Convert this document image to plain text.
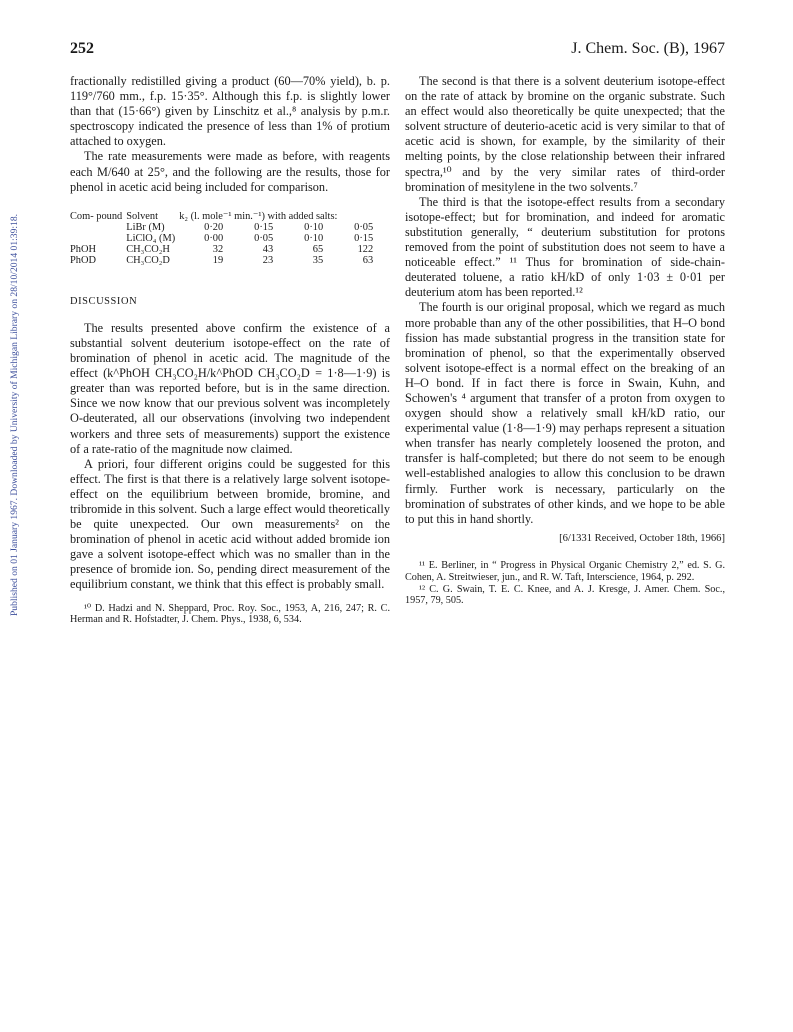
Published on 01 January 1967. Downloaded by University of Michigan Library on 28/10/2014 01:39:18.
252	J. Chem. Soc. (B), 1967

fractionally redistilled giving a product (60—70% yield), b. p. 119°/760 mm., f.p. 15·35°. Although this f.p. is slightly lower than that (15·66°) given by Linschitz et al.,⁸ analysis by p.m.r. spectroscopy indicated the presence of less than 1% of protium attached to oxygen.

The rate measurements were made as before, with reagents each M/640 at 25°, and the following are the results, those for phenol in acetic acid being included for comparison.

Com- pound	Solvent	k₂ (l. mole⁻¹ min.⁻¹) with added salts:			
	LiBr (M)	0·20	0·15	0·10	0·05
	LiClO₄ (M)	0·00	0·05	0·10	0·15
PhOH	CH₃CO₂H	32	43	65	122
PhOD	CH₃CO₂D	19	23	35	63
DISCUSSION

The results presented above confirm the existence of a substantial solvent deuterium isotope-effect on the rate of bromination of phenol in acetic acid. The magnitude of the effect (k^PhOH CH₃CO₂H/k^PhOD CH₃CO₂D = 1·8—1·9) is greater than was reported before, but is in the same direction. Since we now know that our previous solvent was incompletely O-deuterated, all our observations (involving two independent workers and three sets of measurements) support the existence of a rate-ratio of the magnitude now claimed.

A priori, four different origins could be suggested for this effect. The first is that there is a relatively large solvent isotope-effect on the equilibrium between bromide, bromine, and tribromide in this solvent. Such a large effect would theoretically be quite unexpected. Our own measurements² on the bromination of phenol in acetic acid without added bromide ion gave a solvent isotope-effect which was no smaller than in the presence of bromide ion. So, pending direct measurement of the equilibrium constant, we think that this effect is probably small.

¹⁰ D. Hadzi and N. Sheppard, Proc. Roy. Soc., 1953, A, 216, 247; R. C. Herman and R. Hofstadter, J. Chem. Phys., 1938, 6, 534.

The second is that there is a solvent deuterium isotope-effect on the rate of attack by bromine on the organic substrate. Such an effect would also theoretically be quite unexpected; that the solvent structure of deuterio-acetic acid is very similar to that of acetic acid is shown, for example, by the similarity of their melting points, by the close relationship between their infrared spectra,¹⁰ and by the very similar rates of third-order bromination of mesitylene in the two solvents.⁷

The third is that the isotope-effect results from a secondary isotope-effect; but for bromination, and indeed for aromatic substitution generally, “ deuterium substitution for protons removed from the point of substitution does not seem to have a noticeable effect.” ¹¹ Thus for bromination of side-chain-deuterated toluene, a ratio kH/kD of only 1·03 ± 0·01 per deuterium atom has been reported.¹²

The fourth is our original proposal, which we regard as much more probable than any of the other possibilities, that H–O bond fission has made substantial progress in the transition state for bromination of phenol, so that the experimentally observed solvent isotope-effect is a normal effect on the breaking of an H–O bond. If in fact there is force in Swain, Kuhn, and Schowen's ⁴ argument that transfer of a proton from oxygen to oxygen should show a relatively small kH/kD ratio, our experimental value (1·8—1·9) may perhaps represent a situation when transfer has nearly completely loosened the proton, and transfer is half-completed; but there do not seem to be enough well-established analogies to allow this conclusion to be drawn firmly. Further work is necessary, particularly on the bromination of substrates of other kinds, and we hope to be able to put this in hand shortly.

[6/1331 Received, October 18th, 1966]

¹¹ E. Berliner, in “ Progress in Physical Organic Chemistry 2,” ed. S. G. Cohen, A. Streitwieser, jun., and R. W. Taft, Interscience, 1964, p. 292.

¹² C. G. Swain, T. E. C. Knee, and A. J. Kresge, J. Amer. Chem. Soc., 1957, 79, 505.
